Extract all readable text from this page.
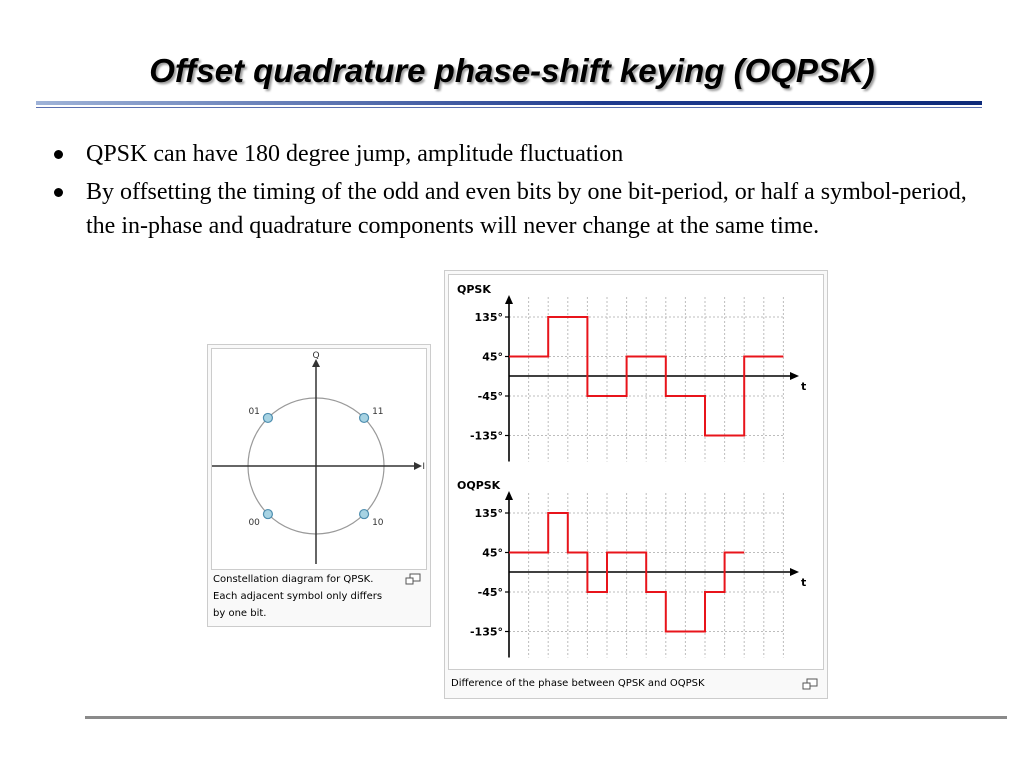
Offset quadrature phase-shift keying (OQPSK)
QPSK can have 180 degree jump, amplitude fluctuation
By offsetting the timing of the odd and even bits by one bit-period, or half a symbol-period, the in-phase and quadrature components will never change at the same time.
Q
I
01	11
00	10
Constellation diagram for QPSK.
Each adjacent symbol only differs
by one bit.
t
QPSK
135°
45°
-45°
-135°
t
OQPSK
135°
45°
-45°
-135°
Difference of the phase between QPSK and OQPSK
